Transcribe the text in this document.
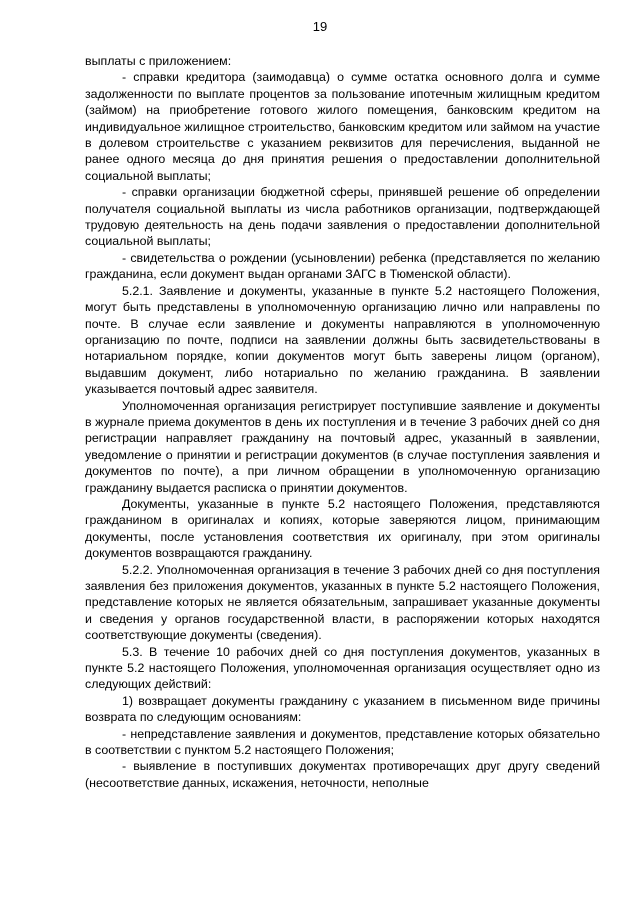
19

выплаты с приложением:

- справки кредитора (заимодавца) о сумме остатка основного долга и сумме задолженности по выплате процентов за пользование ипотечным жилищным кредитом (займом) на приобретение готового жилого помещения, банковским кредитом на индивидуальное жилищное строительство, банковским кредитом или займом на участие в долевом строительстве с указанием реквизитов для перечисления, выданной не ранее одного месяца до дня принятия решения о предоставлении дополнительной социальной выплаты;

- справки организации бюджетной сферы, принявшей решение об определении получателя социальной выплаты из числа работников организации, подтверждающей трудовую деятельность на день подачи заявления о предоставлении дополнительной социальной выплаты;

- свидетельства о рождении (усыновлении) ребенка (представляется по желанию гражданина, если документ выдан органами ЗАГС в Тюменской области).

5.2.1. Заявление и документы, указанные в пункте 5.2 настоящего Положения, могут быть представлены в уполномоченную организацию лично или направлены по почте. В случае если заявление и документы направляются в уполномоченную организацию по почте, подписи на заявлении должны быть засвидетельствованы в нотариальном порядке, копии документов могут быть заверены лицом (органом), выдавшим документ, либо нотариально по желанию гражданина. В заявлении указывается почтовый адрес заявителя.

Уполномоченная организация регистрирует поступившие заявление и документы в журнале приема документов в день их поступления и в течение 3 рабочих дней со дня регистрации направляет гражданину на почтовый адрес, указанный в заявлении, уведомление о принятии и регистрации документов (в случае поступления заявления и документов по почте), а при личном обращении в уполномоченную организацию гражданину выдается расписка о принятии документов.

Документы, указанные в пункте 5.2 настоящего Положения, представляются гражданином в оригиналах и копиях, которые заверяются лицом, принимающим документы, после установления соответствия их оригиналу, при этом оригиналы документов возвращаются гражданину.

5.2.2. Уполномоченная организация в течение 3 рабочих дней со дня поступления заявления без приложения документов, указанных в пункте 5.2 настоящего Положения, представление которых не является обязательным, запрашивает указанные документы и сведения у органов государственной власти, в распоряжении которых находятся соответствующие документы (сведения).

5.3. В течение 10 рабочих дней со дня поступления документов, указанных в пункте 5.2 настоящего Положения, уполномоченная организация осуществляет одно из следующих действий:

1) возвращает документы гражданину с указанием в письменном виде причины возврата по следующим основаниям:

- непредставление заявления и документов, представление которых обязательно в соответствии с пунктом 5.2 настоящего Положения;

- выявление в поступивших документах противоречащих друг другу сведений (несоответствие данных, искажения, неточности, неполные
